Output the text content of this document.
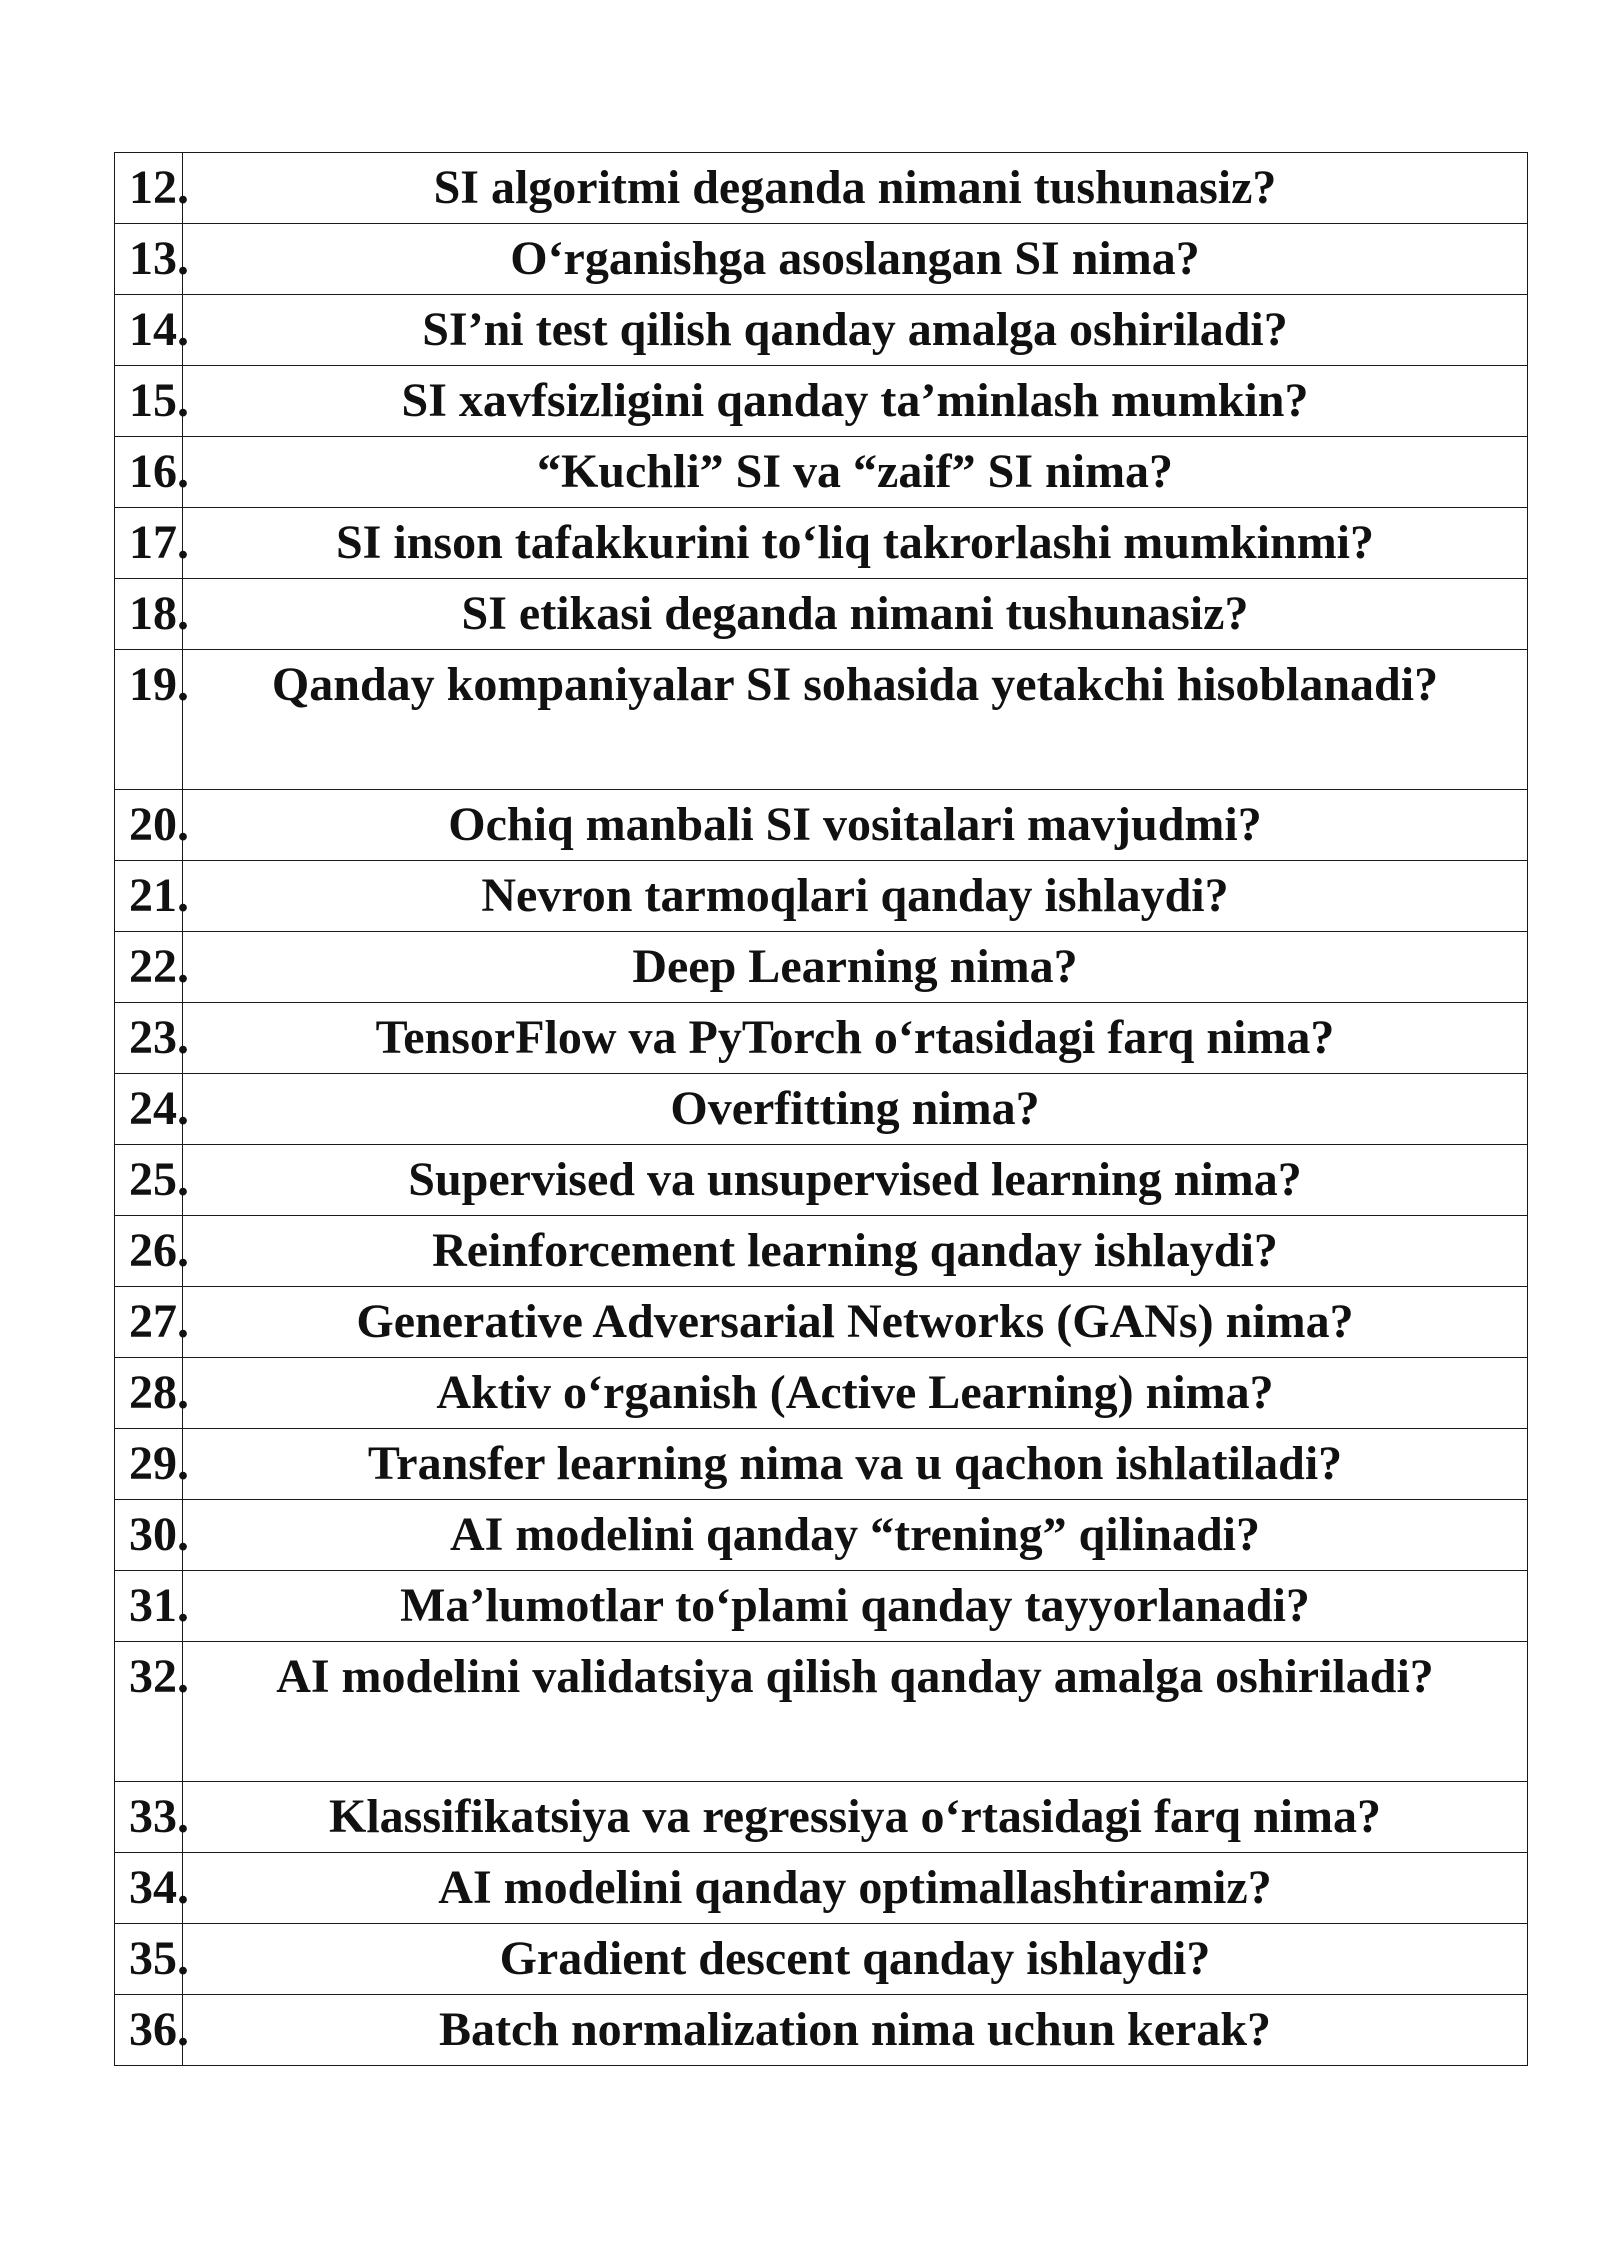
12.	SI algoritmi deganda nimani tushunasiz?

13.	O‘rganishga asoslangan SI nima?

14.	SI’ni test qilish qanday amalga oshiriladi?

15.	SI xavfsizligini qanday ta’minlash mumkin?

16.	“Kuchli” SI va “zaif” SI nima?

17.	SI inson tafakkurini to‘liq takrorlashi mumkinmi?

18.	SI etikasi deganda nimani tushunasiz?

19.	Qanday kompaniyalar SI sohasida yetakchi hisoblanadi?

20.	Ochiq manbali SI vositalari mavjudmi?

21.	Nevron tarmoqlari qanday ishlaydi?

22.	Deep Learning nima?

23.	TensorFlow va PyTorch o‘rtasidagi farq nima?

24.	Overfitting nima?

25.	Supervised va unsupervised learning nima?

26.	Reinforcement learning qanday ishlaydi?

27.	Generative Adversarial Networks (GANs) nima?

28.	Aktiv o‘rganish (Active Learning) nima?

29.	Transfer learning nima va u qachon ishlatiladi?

30.	AI modelini qanday “trening” qilinadi?

31.	Ma’lumotlar to‘plami qanday tayyorlanadi?

32.	AI modelini validatsiya qilish qanday amalga oshiriladi?

33.	Klassifikatsiya va regressiya o‘rtasidagi farq nima?

34.	AI modelini qanday optimallashtiramiz?

35.	Gradient descent qanday ishlaydi?

36.	Batch normalization nima uchun kerak?
